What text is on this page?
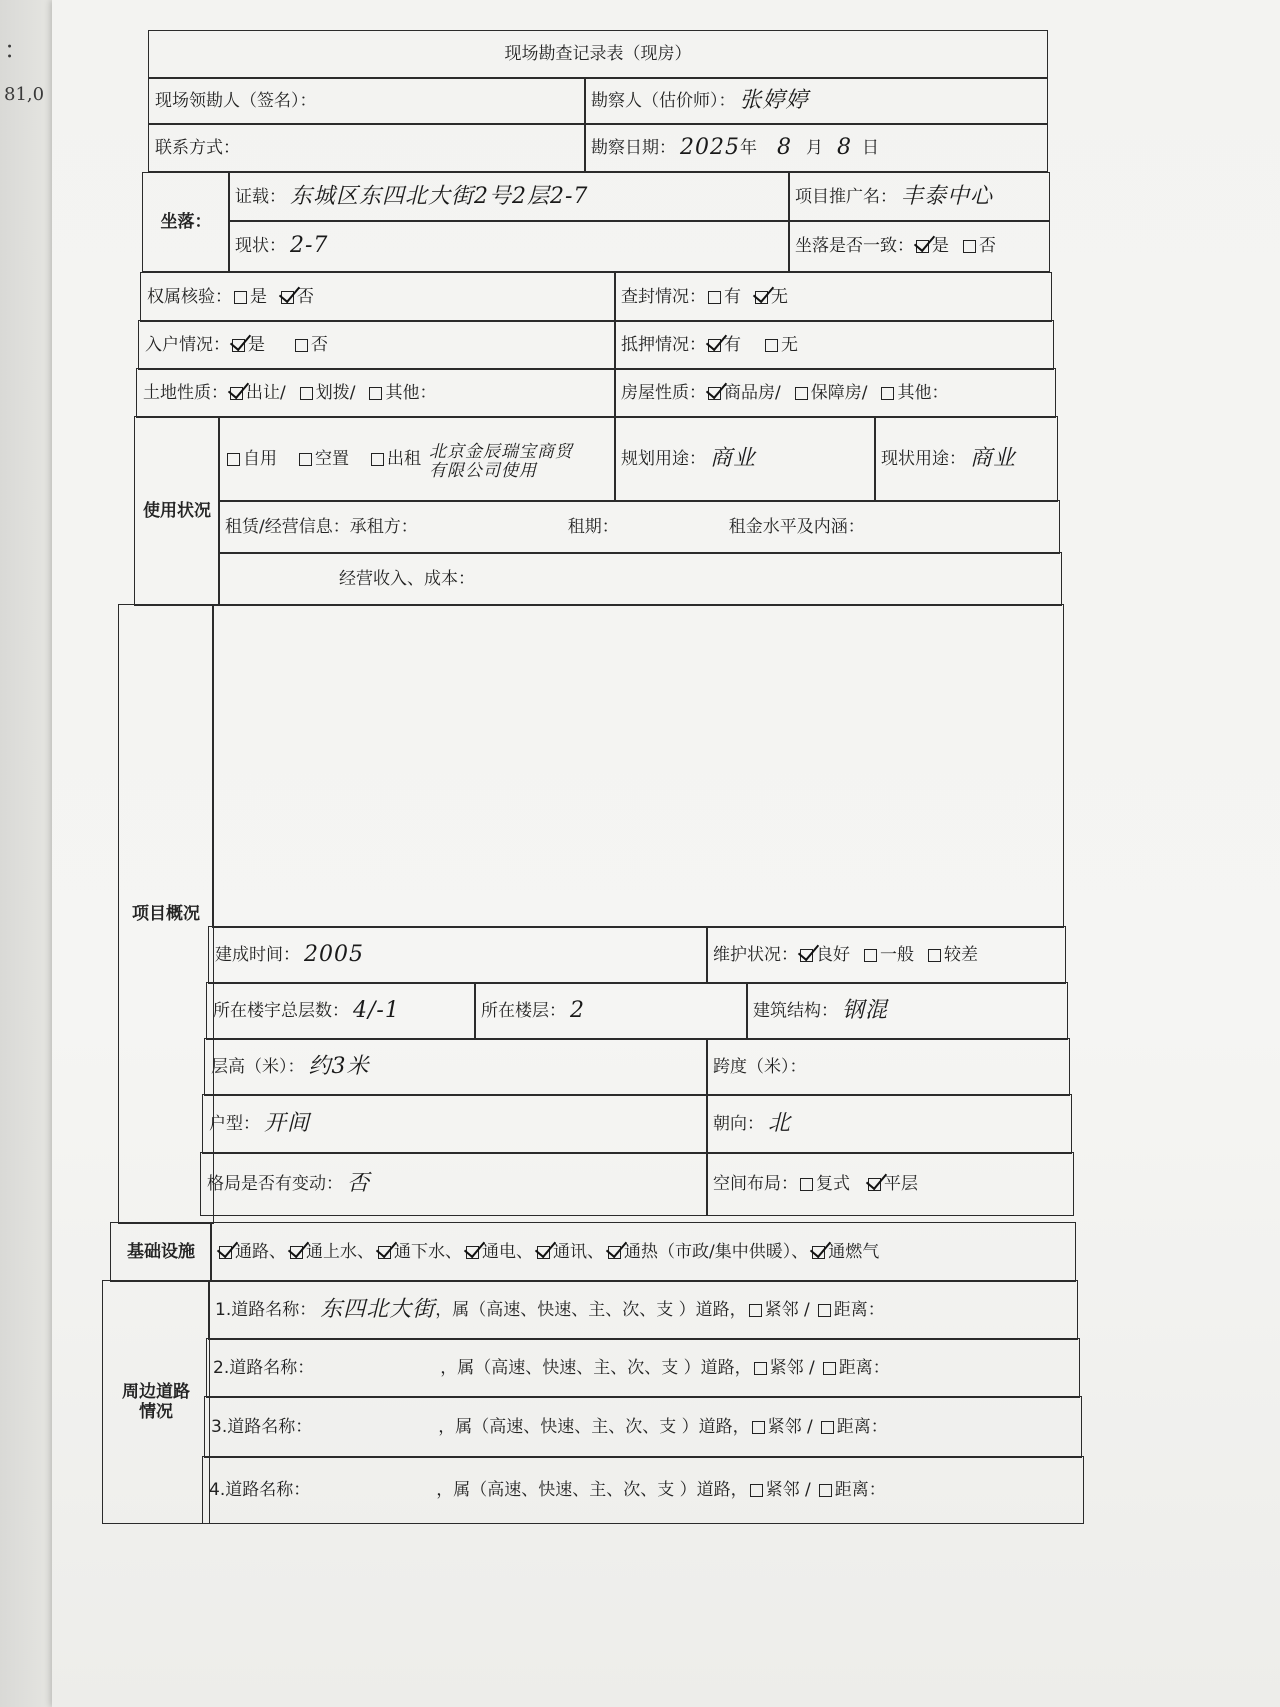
：
81,0
现场勘查记录表（现房）
现场领勘人（签名）：	勘察人（估价师）： 张婷婷
联系方式：	勘察日期： 2025 年 8 月 8 日
坐落：
证载： 东城区东四北大街2号2层2-7	项目推广名： 丰泰中心
现状： 2-7	坐落是否一致： 是 否
权属核验： 是 否	查封情况： 有 无
入户情况： 是	否	抵押情况： 有 无
土地性质： 出让/ 划拨/ 其他：	房屋性质： 商品房/ 保障房/ 其他：
使用状况
自用 空置 出租 北京金辰瑞宝商贸
有限公司使用
规划用途： 商业	现状用途： 商业
租赁/经营信息：承租方：	租期：	租金水平及内涵：
经营收入、成本：
项目概况
建成时间： 2005	维护状况： 良好 一般 较差
所在楼宇总层数： 4/-1	所在楼层： 2	建筑结构： 钢混
层高（米）： 约3米	跨度（米）：
户型： 开间	朝向： 北
格局是否有变动： 否	空间布局： 复式 平层
基础设施 通路、 通上水、 通下水、 通电、 通讯、 通热（市政/集中供暖）、 通燃气
周边道路
情况
1. 道路名称： 东四北大街 ，属（高速、快速、主、次、支 ）道路， 紧邻 / 距离：
2. 道路名称：	，属（高速、快速、主、次、支 ）道路， 紧邻 / 距离：
3. 道路名称：	，属（高速、快速、主、次、支 ）道路， 紧邻 / 距离：
4. 道路名称：	，属（高速、快速、主、次、支 ）道路， 紧邻 / 距离：
